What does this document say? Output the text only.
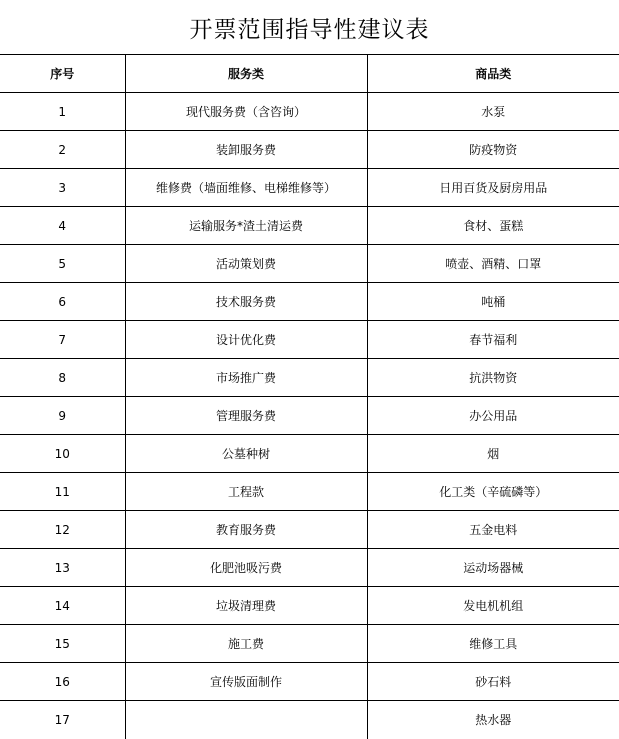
开票范围指导性建议表
序号	服务类	商品类
1	现代服务费（含咨询）	水泵
2	装卸服务费	防疫物资
3	维修费（墙面维修、电梯维修等）	日用百货及厨房用品
4	运输服务*渣土清运费	食材、蛋糕
5	活动策划费	喷壶、酒精、口罩
6	技术服务费	吨桶
7	设计优化费	春节福利
8	市场推广费	抗洪物资
9	管理服务费	办公用品
10	公墓种树	烟
11	工程款	化工类（辛硫磷等）
12	教育服务费	五金电料
13	化肥池吸污费	运动场器械
14	垃圾清理费	发电机机组
15	施工费	维修工具
16	宣传版面制作	砂石料
17		热水器
